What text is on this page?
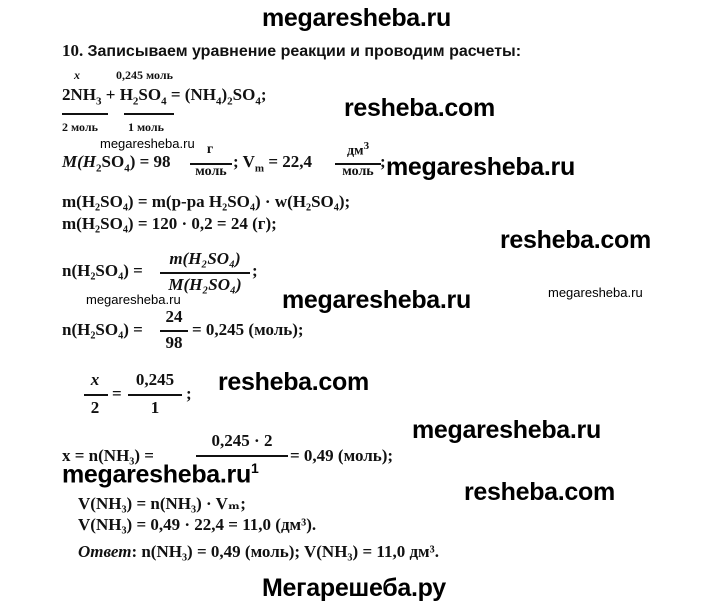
megaresheba.ru
10. Записываем уравнение реакции и проводим расчеты:
x	0,245 моль
$2NH_3 + H_2SO_4 = (NH_4)_2SO_4$;
2 моль	1 моль
resheba.com
megaresheba.ru
$M(H_2SO_4) = 98$
г
моль
; $V_m = 22,4$
$дм^3$
моль
; megaresheba.ru
m(H₂SO₄) = m(р-ра H₂SO₄) · w(H₂SO₄);
m(H₂SO₄) = 120 · 0,2 = 24 (г);
resheba.com
n(H₂SO₄) =
m(H₂SO₄)
M(H₂SO₄)
;
megaresheba.ru
megaresheba.ru	megaresheba.ru
n(H₂SO₄) =
24
98
= 0,245 (моль);
x
2
=
0,245
1
; resheba.com
megaresheba.ru
x = n(NH₃) =
0,245 · 2
= 0,49 (моль);
$megaresheba.ru^1$
resheba.com
V(NH₃) = n(NH₃) · Vₘ;
V(NH₃) = 0,49 · 22,4 = 11,0 (дм³).
Ответ: n(NH₃) = 0,49 (моль); V(NH₃) = 11,0 дм³.
Мегарешеба.ру
